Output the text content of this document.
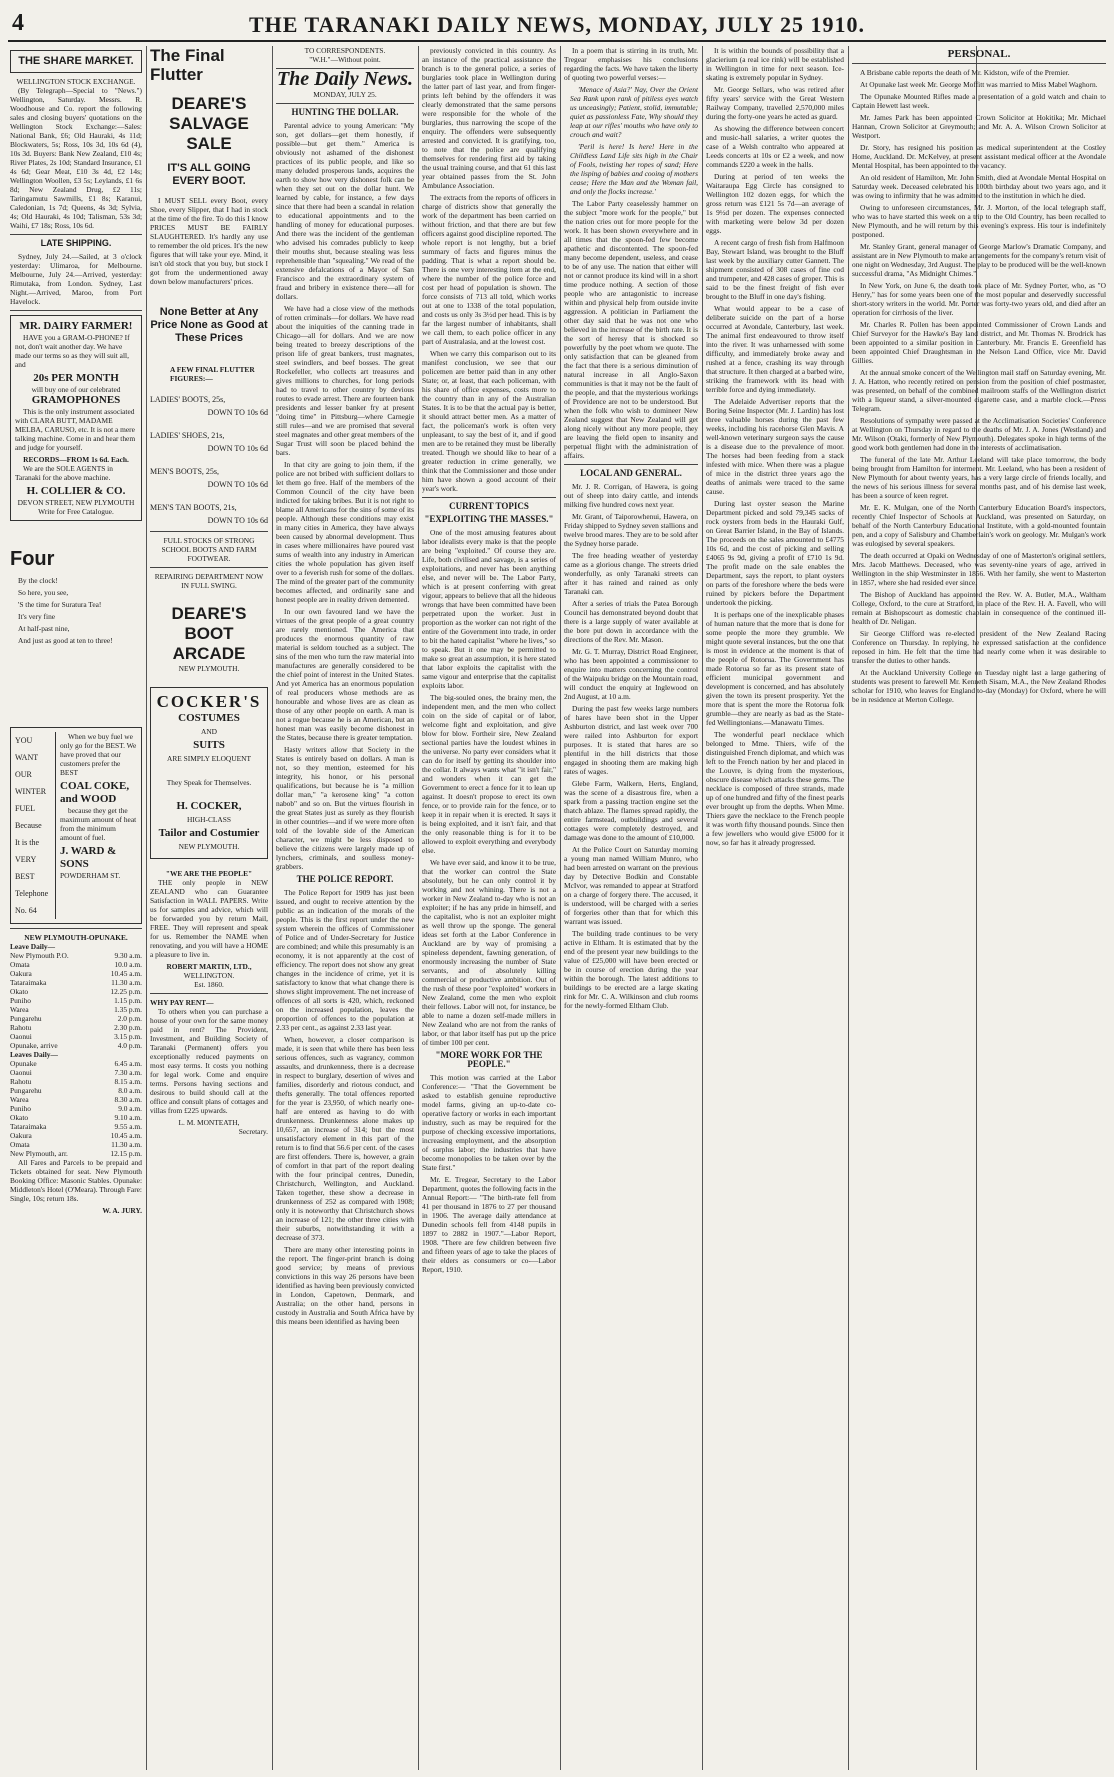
4	THE TARANAKI DAILY NEWS, MONDAY, JULY 25 1910.
THE SHARE MARKET.
WELLINGTON STOCK EXCHANGE.

(By Telegraph—Special to "News.") Wellington, Saturday. Messrs. R. Woodhouse and Co. report the following sales and closing buyers' quotations on the Wellington Stock Exchange:—Sales: National Bank, £6; Old Hauraki, 4s 11d; Blockwaters, 5s; Ross, 10s 3d, 10s 6d (4), 10s 3d. Buyers: Bank New Zealand, £10 4s; River Plates, 2s 10d; Standard Insurance, £1 4s 6d; Gear Meat, £10 3s 4d, £2 14s; Wellington Woollen, £3 5s; Leylands, £1 6s 8d; New Zealand Drug, £2 11s; Taringamutu Sawmills, £1 8s; Karanui, Caledonian, 1s 7d; Queens, 4s 3d; Sylvia, 4s; Old Hauraki, 4s 10d; Talisman, 53s 3d; Waihi, £7 18s; Ross, 10s 6d.

LATE SHIPPING.

Sydney, July 24.—Sailed, at 3 o'clock yesterday: Ulimaroa, for Melbourne. Melbourne, July 24.—Arrived, yesterday: Rimutaka, from London. Sydney, Last Night.—Arrived, Maroo, from Port Havelock.

MR. DAIRY FARMER!

HAVE you a GRAM-O-PHONE? If not, don't wait another day. We have made our terms so as they will suit all, and

20s PER MONTH
will buy one of our celebrated
GRAMOPHONES

This is the only instrument associated with CLARA BUTT, MADAME MELBA, CARUSO, etc. It is not a mere talking machine. Come in and hear them and judge for yourself.

RECORDS—FROM 1s 6d. Each.

We are the SOLE AGENTS in Taranaki for the above machine.

H. COLLIER & CO.
DEVON STREET, NEW PLYMOUTH
Write for Free Catalogue.
Four
By the clock!
So here, you see,
'S the time for Suratura Tea!
It's very fine
At half-past nine,
And just as good at ten to three!
YOU
WANT
OUR
WINTER
FUEL
Because
It is the
VERY
BEST
Telephone
No. 64

When we buy fuel we only go for the BEST. We have proved that our customers prefer the BEST

COAL COKE, and WOOD

because they get the maximum amount of heat from the minimum amount of fuel.

J. WARD & SONS
POWDERHAM ST.
NEW PLYMOUTH-OPUNAKE.
Leave Daily—
New Plymouth P.O.	9.30 a.m.
Omata	10.0 a.m.
Oakura	10.45 a.m.
Tataraimaka	11.30 a.m.
Okato	12.25 p.m.
Puniho	1.15 p.m.
Warea	1.35 p.m.
Pungarehu	2.0 p.m.
Rahotu	2.30 p.m.
Oaonui	3.15 p.m.
Opunake, arrive	4.0 p.m.
Leaves Daily—
Opunake	6.45 a.m.
Oaonui	7.30 a.m.
Rahotu	8.15 a.m.
Pungarehu	8.0 a.m.
Warea	8.30 a.m.
Puniho	9.0 a.m.
Okato	9.10 a.m.
Tataraimaka	9.55 a.m.
Oakura	10.45 a.m.
Omata	11.30 a.m.
New Plymouth, arr.	12.15 p.m.

All Fares and Parcels to be prepaid and Tickets obtained for seat. New Plymouth Booking Office: Masonic Stables. Opunake: Middleton's Hotel (O'Meara). Through Fare: Single, 10s; return 18s.

W. A. JURY.
The Final Flutter
DEARE'S SALVAGE SALE
IT'S ALL GOING EVERY BOOT.

I MUST SELL every Boot, every Shoe, every Slipper, that I had in stock at the time of the fire. To do this I know PRICES MUST BE FAIRLY SLAUGHTERED. It's hardly any use to remember the old prices. It's the new figures that will take your eye. Mind, it isn't old stock that you buy, but stock I got from the undermentioned away down below manufacturers' prices.

None Better at Any Price None as Good at These Prices
A FEW FINAL FLUTTER FIGURES:—
LADIES' BOOTS, 25s,
DOWN TO 10s 6d
LADIES' SHOES, 21s,
DOWN TO 10s 6d
MEN'S BOOTS, 25s,
DOWN TO 10s 6d
MEN'S TAN BOOTS, 21s,
DOWN TO 10s 6d
FULL STOCKS OF STRONG SCHOOL BOOTS AND FARM FOOTWEAR.
REPAIRING DEPARTMENT NOW IN FULL SWING.
DEARE'S BOOT ARCADE
NEW PLYMOUTH.
COCKER'S
COSTUMES
AND
SUITS
ARE SIMPLY ELOQUENT
They Speak for Themselves.
H. COCKER,
HIGH-CLASS
Tailor and Costumier
NEW PLYMOUTH.
"WE ARE THE PEOPLE"

THE only people in NEW ZEALAND who can Guarantee Satisfaction in WALL PAPERS. Write us for samples and advice, which will be forwarded you by return Mail, FREE. They will represent and speak for us. Remember the NAME when renovating, and you will have a HOME a pleasure to live in.

ROBERT MARTIN, LTD.,
WELLINGTON.
Est. 1860.
WHY PAY RENT—

To others when you can purchase a house of your own for the same money paid in rent? The Provident, Investment, and Building Society of Taranaki (Permanent) offers you exceptionally reduced payments on most easy terms. It costs you nothing for legal work. Come and enquire terms. Persons having sections and desirous to build should call at the office and consult plans of cottages and villas from £225 upwards.

L. M. MONTEATH,
Secretary.
TO CORRESPONDENTS.
"W.H."—Without point.
The Daily News.
MONDAY, JULY 25.
HUNTING THE DOLLAR.

Parental advice to young American: "My son, get dollars—get them honestly, if possible—but get them." America is obviously not ashamed of the dishonest practices of its public people, and like so many deluded prosperous lands, acquires the earth to show how very dishonest folk can be when they set out on the dollar hunt. We learned by cable, for instance, a few days since that there had been a scandal in relation to educational appointments and to the handling of money for educational purposes. And there was the incident of the gentleman who advised his comrades publicly to keep their mouths shut, because stealing was less reprehensible than "squealing." We read of the extensive defalcations of a Mayor of San Francisco and the extraordinary system of fraud and bribery in existence there—all for dollars.

We have had a close view of the methods of rotten criminals—for dollars. We have read about the iniquities of the canning trade in Chicago—all for dollars. And we are now being treated to breezy descriptions of the prison life of great bankers, trust magnates, steel swindlers, and beef bosses. The great Rockefeller, who collects art treasures and gives millions to churches, for long periods had to travel to other country by devious routes to evade arrest. There are fourteen bank presidents and lesser banker fry at present "doing time" in Pittsburg—where Carnegie still rules—and we are promised that several steel magnates and other great members of the Sugar Trust will soon be placed behind the bars.

In that city are going to join them, if the police are not bribed with sufficient dollars to let them go free. Half of the members of the Common Council of the city have been indicted for taking bribes. But it is not right to blame all Americans for the sins of some of its people. Although these conditions may exist in many cities in America, they have always been caused by abnormal development. Thus in cases where millionaires have poured vast sums of wealth into any industry in American cities the whole population has given itself over to a feverish rush for some of the dollars. The mind of the greater part of the community becomes affected, and ordinarily sane and honest people are in reality driven demented.

In our own favoured land we have the virtues of the great people of a great country are rarely mentioned. The America that produces the enormous quantity of raw material is seldom touched as a subject. The sins of the men who turn the raw material into manufactures are generally considered to be the chief point of interest in the United States. And yet America has an enormous population of real producers whose methods are as honourable and whose lives are as clean as those of any other people on earth. A man is not a rogue because he is an American, but an honest man was easily become dishonest in the States, because there is greater temptation.

Hasty writers allow that Society in the States is entirely based on dollars. A man is not, so they mention, esteemed for his integrity, his honor, or his personal qualifications, but because he is "a million dollar man," "a kerosene king" "a cotton nabob" and so on. But the virtues flourish in the great States just as surely as they flourish in other countries—and if we were more often told of the lovable side of the American character, we might be less disposed to believe the citizens were largely made up of lynchers, criminals, and soulless money-grabbers.

THE POLICE REPORT.

The Police Report for 1909 has just been issued, and ought to receive attention by the public as an indication of the morals of the people. This is the first report under the new system wherein the offices of Commissioner of Police and of Under-Secretary for Justice are combined; and while this presumably is an economy, it is not apparently at the cost of efficiency. The report does not show any great changes in the incidence of crime, yet it is satisfactory to know that what change there is shows slight improvement. The net increase of offences of all sorts is 420, which, reckoned on the increased population, leaves the proportion of offences to the population at 2.33 per cent., as against 2.33 last year.

When, however, a closer comparison is made, it is seen that while there has been less serious offences, such as vagrancy, common assaults, and drunkenness, there is a decrease in respect to burglary, desertion of wives and families, disorderly and riotous conduct, and thefts generally. The total offences reported for the year is 23,950, of which nearly one-half are entered as having to do with drunkenness. Drunkenness alone makes up 10,657, an increase of 314; but the most unsatisfactory element in this part of the return is to find that 56.6 per cent. of the cases are first offenders. There is, however, a grain of comfort in that part of the report dealing with the four principal centres, Dunedin, Christchurch, Wellington, and Auckland. Taken together, these show a decrease in drunkenness of 252 as compared with 1908; only it is noteworthy that Christchurch shows an increase of 121; the other three cities with their suburbs, notwithstanding it with a decrease of 373.

There are many other interesting points in the report. The finger-print branch is doing good service; by means of previous convictions in this way 26 persons have been identified as having been previously convicted in London, Capetown, Denmark, and Australia; on the other hand, persons in custody in Australia and South Africa have by this means been identified as having been

previously convicted in this country. As an instance of the practical assistance the branch is to the general police, a series of burglaries took place in Wellington during the latter part of last year, and from finger-prints left behind by the offenders it was clearly demonstrated that the same persons were responsible for the whole of the burglaries, thus narrowing the scope of the enquiry. The offenders were subsequently arrested and convicted. It is gratifying, too, to note that the police are qualifying themselves for rendering first aid by taking the usual training course, and that 61 this last year obtained passes from the St. John Ambulance Association.

The extracts from the reports of officers in charge of districts show that generally the work of the department has been carried on without friction, and that there are but few officers against good discipline reported. The whole report is not lengthy, but a brief summary of facts and figures minus the padding. That is what a report should be. There is one very interesting item at the end, where the number of the police force and cost per head of population is shown. The force consists of 713 all told, which works out at one to 1338 of the total population, and costs us only 3s 3½d per head. This is by far the largest number of inhabitants, shall we call them, to each police officer in any part of Australasia, and at the lowest cost.

When we carry this comparison out to its manifest conclusion, we see that our policemen are better paid than in any other State; or, at least, that each policeman, with his share of office expenses, costs more to the country than in any of the Australian States. It is to be that the actual pay is better, it should attract better men. As a matter of fact, the policeman's work is often very unpleasant, to say the best of it, and if good men are to be retained they must be liberally treated. Though we should like to hear of a greater reduction in crime generally, we think that the Commissioner and those under him have shown a good account of their year's work.

CURRENT TOPICS
"EXPLOITING THE MASSES."

One of the most amusing features about labor idealists every make is that the people are being "exploited." Of course they are. Life, both civilised and savage, is a series of exploitations, and never has been anything else, and never will be. The Labor Party, which is at present conferring with great vigour, appears to believe that all the hideous wrongs that have been committed have been perpetrated upon the worker. Just in proportion as the worker can not right of the entire of the Government into trade, in order to bit the hated capitalist "where he lives," so to speak. But it one may be permitted to make so great an assumption, it is here stated that labor exploits the capitalist with the same vigour and enterprise that the capitalist exploits labor.

The big-souled ones, the brainy men, the independent men, and the men who collect coin on the side of capital or of labor, welcome fight and exploitation, and give blow for blow. Fortheir sire, New Zealand sectional parties have the loudest whines in the universe. No party ever considers what it can do for itself by getting its shoulder into the collar. It always wants what "it isn't fair," and wonders when it can get the Government to erect a fence for it to lean up against. It doesn't propose to erect its own fence, or to provide rain for the fence, or to keep it in repair when it is erected. It says it is being exploited, and it isn't fair, and that the only reasonable thing is for it to be allowed to exploit everything and everybody else.

We have ever said, and know it to be true, that the worker can control the State absolutely, but he can only control it by working and not whining. There is not a worker in New Zealand to-day who is not an exploiter; if he has any pride in himself, and the capitalist, who is not an exploiter might as well throw up the sponge. The general ideas set forth at the Labor Conference in Auckland are by way of promising a spineless dependent, fawning generation, of enormously increasing the number of State servants, and of absolutely killing commercial or productive ambition. Out of the rush of these poor "exploited" workers in New Zealand, come the men who exploit their fellows. Labor will not, for instance, be able to name a dozen self-made millers in New Zealand who are not from the ranks of labor, or that labor itself has put up the price of timber 100 per cent.

"MORE WORK FOR THE PEOPLE."

This motion was carried at the Labor Conference:— "That the Government be asked to establish genuine reproductive model farms, giving an up-to-date co-operative factory or works in each important industry, such as may be required for the purpose of checking excessive importations, increasing employment, and the absorption of surplus labor; the industries that have become monopolies to be taken over by the State first."

Mr. E. Tregear, Secretary to the Labor Department, quotes the following facts in the Annual Report:— "The birth-rate fell from 41 per thousand in 1876 to 27 per thousand in 1906. The average daily attendance at Dunedin schools fell from 4148 pupils in 1897 to 2882 in 1907."—Labor Report, 1908. "There are few children between five and fifteen years of age to take the places of their elders as consumers or co-—Labor Report, 1910.

In a poem that is stirring in its truth, Mr. Tregear emphasises his conclusions regarding the facts. We have taken the liberty of quoting two powerful verses:—

'Menace of Asia?' Nay, Over the Orient Sea Rank upon rank of pitiless eyes watch us unceasingly; Patient, stolid, immutable; quiet as passionless Fate, Why should they leap at our rifles' mouths who have only to crouch and wait?

'Peril is here! Is here! Here in the Childless Land Life sits high in the Chair of Fools, twisting her ropes of sand; Here the lisping of babies and cooing of mothers cease; Here the Man and the Woman fail, and only the flocks increase.'

The Labor Party ceaselessly hammer on the subject "more work for the people," but the nation cries out for more people for the work. It has been shown everywhere and in all times that the spoon-fed few become apathetic and discontented. The spoon-fed many become dependent, useless, and cease to be of any use. The nation that either will not or cannot produce its kind will in a short time produce nothing. A section of those people who are antagonistic to increase within and physical help from outside invite aggression. A politician in Parliament the other day said that he was not one who believed in the increase of the birth rate. It is the sort of heresy that is shocked so powerfully by the poet whom we quote. The only satisfaction that can be gleaned from the fact that there is a serious diminution of natural increase in all Anglo-Saxon communities is that it may not be the fault of the people, and that the mysterious workings of Providence are not to be understood. But when the folk who wish to domineer New Zealand suggest that New Zealand will get along nicely without any more people, they are leaving the field open to insanity and perpetual flight with the administration of affairs.

LOCAL AND GENERAL.

Mr. J. R. Corrigan, of Hawera, is going out of sheep into dairy cattle, and intends milking five hundred cows next year.

Mr. Grant, of Taiporowhenui, Hawera, on Friday shipped to Sydney seven stallions and twelve brood mares. They are to be sold after the Sydney horse parade.

The free heading weather of yesterday came as a glorious change. The streets dried wonderfully, as only Taranaki streets can after it has rained and rained as only Taranaki can.

After a series of trials the Patea Borough Council has demonstrated beyond doubt that there is a large supply of water available at the bore put down in accordance with the directions of the Rev. Mr. Mason.

Mr. G. T. Murray, District Road Engineer, who has been appointed a commissioner to enquire into matters concerning the control of the Waipuku bridge on the Mountain road, will conduct the enquiry at Inglewood on 2nd August, at 10 a.m.

During the past few weeks large numbers of hares have been shot in the Upper Ashburton district, and last week over 700 were railed into Ashburton for export purposes. It is stated that hares are so plentiful in the hill districts that those engaged in shooting them are making high rates of wages.

Glebe Farm, Walkern, Herts, England, was the scene of a disastrous fire, when a spark from a passing traction engine set the thatch ablaze. The flames spread rapidly, the entire farmstead, outbuildings and several cottages were completely destroyed, and damage was done to the amount of £10,000.

At the Police Court on Saturday morning a young man named William Munro, who had been arrested on warrant on the previous day by Detective Bodkin and Constable McIvor, was remanded to appear at Stratford on a charge of forgery there. The accused, it is understood, will be charged with a series of forgeries other than that for which this warrant was issued.

The building trade continues to be very active in Eltham. It is estimated that by the end of the present year new buildings to the value of £25,000 will have been erected or be in course of erection during the year within the borough. The latest additions to buildings to be erected are a large skating rink for Mr. C. A. Wilkinson and club rooms for the newly-formed Eltham Club.

It is within the bounds of possibility that a glacierium (a real ice rink) will be established in Wellington in time for next season. Ice-skating is extremely popular in Sydney.

Mr. George Sellars, who was retired after fifty years' service with the Great Western Railway Company, travelled 2,570,000 miles during the forty-one years he acted as guard.

As showing the difference between concert and music-hall salaries, a writer quotes the case of a Welsh contralto who appeared at Leeds concerts at 10s or £2 a week, and now commands £220 a week in the halls.

During at period of ten weeks the Waitaraupa Egg Circle has consigned to Wellington 102 dozen eggs, for which the gross return was £121 5s 7d—an average of 1s 9½d per dozen. The expenses connected with marketing were below 3d per dozen eggs.

A recent cargo of fresh fish from Halfmoon Bay, Stewart Island, was brought to the Bluff last week by the auxiliary cutter Gannett. The shipment consisted of 308 cases of fine cod and trumpeter, and 428 cases of groper. This is said to be the finest freight of fish ever brought to the Bluff in one day's fishing.

What would appear to be a case of deliberate suicide on the part of a horse occurred at Avondale, Canterbury, last week. The animal first endeavoured to throw itself into the river. It was unharnessed with some difficulty, and immediately broke away and rushed at a fence, crashing its way through that structure. It then charged at a barbed wire, striking the framework with its head with terrible force and dying immediately.

The Adelaide Advertiser reports that the Boring Seine Inspector (Mr. J. Lardin) has lost three valuable horses during the past few weeks, including his racehorse Glen Mavis. A well-known veterinary surgeon says the cause is a disease due to the prevalence of moor. The horses had been feeding from a stack infested with mice. When there was a plague of mice in the district three years ago the deaths of animals were traced to the same cause.

During last oyster season the Marine Department picked and sold 79,345 sacks of rock oysters from beds in the Hauraki Gulf, on Great Barrier Island, in the Bay of Islands. The proceeds on the sales amounted to £4775 10s 6d, and the cost of picking and selling £4065 9s 9d, giving a profit of £710 1s 9d. The profit made on the sale enables the Department, says the report, to plant oysters on parts of the foreshore where the beds were ruined by pickers before the Department undertook the picking.

It is perhaps one of the inexplicable phases of human nature that the more that is done for some people the more they grumble. We might quote several instances, but the one that is most in evidence at the moment is that of the people of Rotorua. The Government has made Rotorua so far as its present state of efficient municipal government and development is concerned, and has absolutely given the town its present prosperity. Yet the more that is spent the more the Rotorua folk grumble—they are nearly as bad as the State-fed Wellingtonians.—Manawatu Times.

The wonderful pearl necklace which belonged to Mme. Thiers, wife of the distinguished French diplomat, and which was left to the French nation by her and placed in the Louvre, is dying from the mysterious, obscure disease which attacks these gems. The necklace is composed of three strands, made up of one hundred and fifty of the finest pearls ever brought up from the depths. When Mme. Thiers gave the necklace to the French people it was worth fifty thousand pounds. Since then a few jewellers who would give £5000 for it now, so far has it already progressed.

PERSONAL.

A Brisbane cable reports the death of Mr. Kidston, wife of the Premier.

At Opunake last week Mr. George Moffitt was married to Miss Mabel Waghorn.

The Opunake Mounted Rifles made a presentation of a gold watch and chain to Captain Hewett last week.

Mr. James Park has been appointed Crown Solicitor at Hokitika; Mr. Michael Hannan, Crown Solicitor at Greymouth; and Mr. A. A. Wilson Crown Solicitor at Westport.

Dr. Story, has resigned his position as medical superintendent at the Costley Home, Auckland. Dr. McKelvey, at present assistant medical officer at the Avondale Mental Hospital, has been appointed to the vacancy.

An old resident of Hamilton, Mr. John Smith, died at Avondale Mental Hospital on Saturday week. Deceased celebrated his 100th birthday about two years ago, and it was owing to infirmity that he was admitted to the institution in which he died.

Owing to unforeseen circumstances, Mr. J. Morton, of the local telegraph staff, who was to have started this week on a trip to the Old Country, has been recalled to New Plymouth, and he will return by this evening's express. His tour is indefinitely postponed.

Mr. Stanley Grant, general manager of George Marlow's Dramatic Company, and assistant are in New Plymouth to make arrangements for the company's return visit of one night on Wednesday, 3rd August. The play to be produced will be the well-known successful drama, "As Midnight Chimes."

In New York, on June 6, the death took place of Mr. Sydney Porter, who, as "O Henry," has for some years been one of the most popular and deservedly successful short-story writers in the world. Mr. Porter was forty-two years old, and died after an operation for cirrhosis of the liver.

Mr. Charles R. Pollen has been appointed Commissioner of Crown Lands and Chief Surveyor for the Hawke's Bay land district, and Mr. Thomas N. Brodrick has been appointed to a similar position in Canterbury. Mr. Francis E. Greenfield has been appointed Chief Draughtsman in the Nelson Land Office, vice Mr. David Gillies.

At the annual smoke concert of the Wellington mail staff on Saturday evening, Mr. J. A. Hatton, who recently retired on pension from the position of chief postmaster, was presented, on behalf of the combined mailroom staffs of the Wellington district with a liqueur stand, a silver-mounted cigarette case, and a marble clock.—Press Telegram.

Resolutions of sympathy were passed at the Acclimatisation Societies' Conference at Wellington on Thursday in regard to the deaths of Mr. J. A. Jones (Westland) and Mr. Wilson (Otaki, formerly of New Plymouth). Delegates spoke in high terms of the good work both gentlemen had done in the interests of acclimatisation.

The funeral of the late Mr. Arthur Leeland will take place tomorrow, the body being brought from Hamilton for interment. Mr. Leeland, who has been a resident of New Plymouth for about twenty years, has a very large circle of friends locally, and the news of his serious illness for several months past, and of his demise last week, has been a source of keen regret.

Mr. E. K. Mulgan, one of the North Canterbury Education Board's inspectors, recently Chief Inspector of Schools at Auckland, was presented on Saturday, on behalf of the North Canterbury Educational Institute, with a gold-mounted fountain pen, and a copy of Salisbury and Chamberlain's work on geology. Mr. Mulgan's work was eulogised by several speakers.

The death occurred at Opaki on Wednesday of one of Masterton's original settlers, Mrs. Jacob Matthews. Deceased, who was seventy-nine years of age, arrived in Wellington in the ship Westminster in 1856. With her family, she went to Masterton in 1857, where she had resided ever since.

The Bishop of Auckland has appointed the Rev. W. A. Butler, M.A., Waltham College, Oxford, to the cure at Stratford, in place of the Rev. H. A. Favell, who will remain at Bishopscourt as domestic chaplain in consequence of the continued ill-health of Dr. Neligan.

Sir George Clifford was re-elected president of the New Zealand Racing Conference on Thursday. In replying, he expressed satisfaction at the confidence reposed in him. He felt that the time had nearly come when it was desirable to transfer the duties to other hands.

At the Auckland University College on Tuesday night last a large gathering of students was present to farewell Mr. Kenneth Sisam, M.A., the New Zealand Rhodes scholar for 1910, who leaves for England to-day (Monday) for Oxford, where he will be in residence at Merton College.
